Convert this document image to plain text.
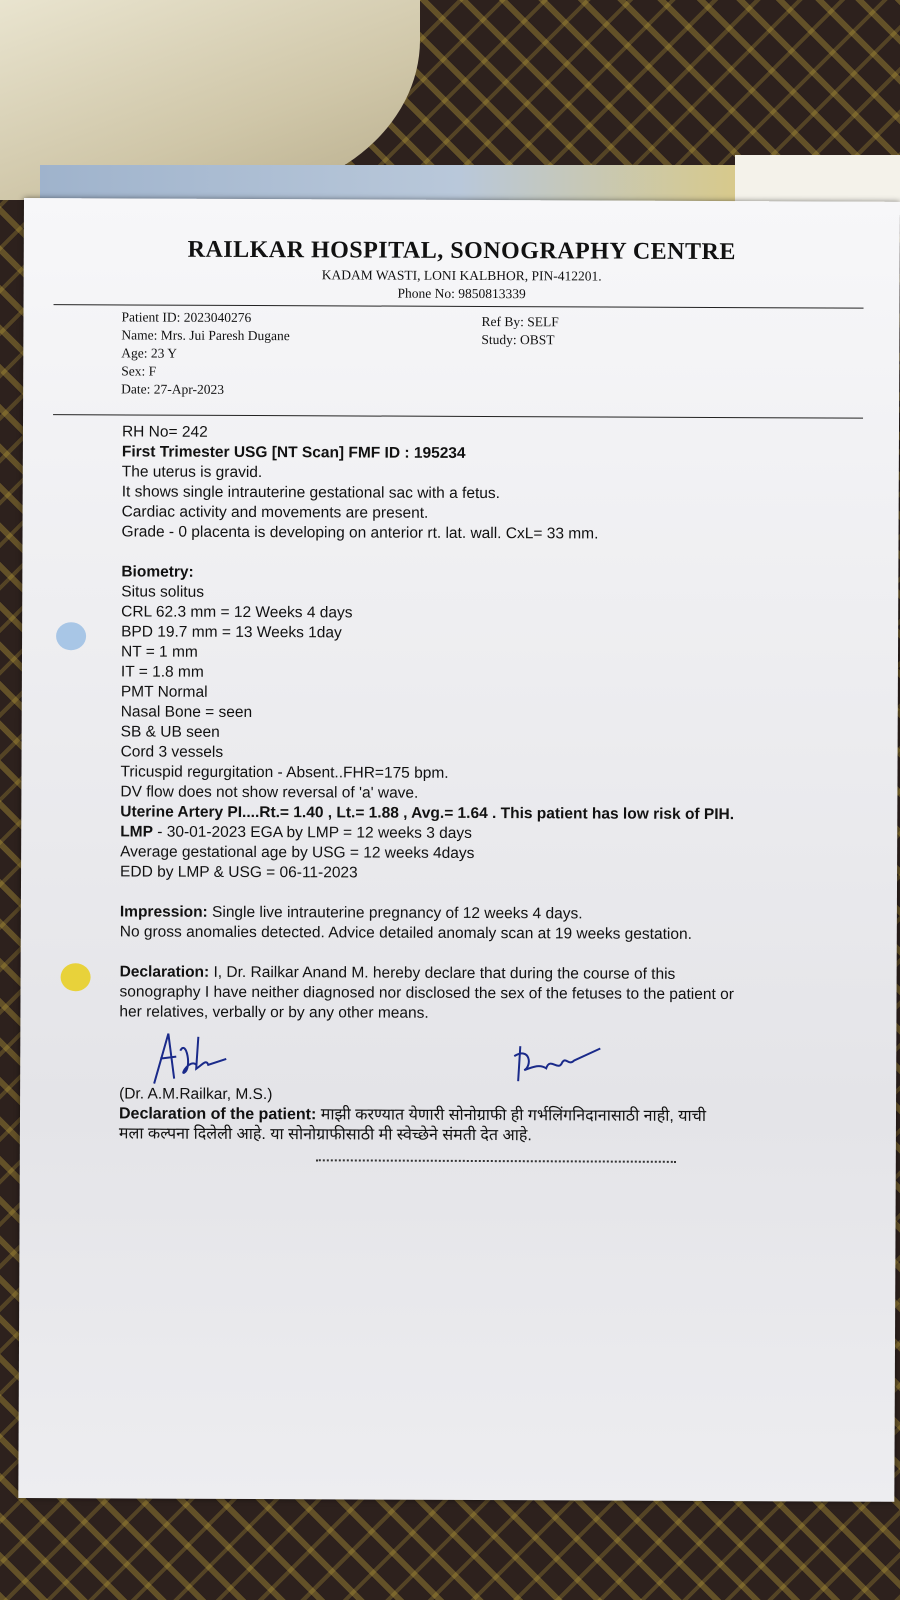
RAILKAR HOSPITAL, SONOGRAPHY CENTRE
KADAM WASTI, LONI KALBHOR, PIN-412201.
Phone No: 9850813339
Patient ID: 2023040276
Name: Mrs. Jui Paresh Dugane
Age: 23 Y
Sex: F
Date: 27-Apr-2023
Ref By: SELF
Study: OBST
RH No= 242
First Trimester USG [NT Scan] FMF ID : 195234
The uterus is gravid.
It shows single intrauterine gestational sac with a fetus.
Cardiac activity and movements are present.
Grade - 0 placenta is developing on anterior rt. lat. wall. CxL= 33 mm.
Biometry:
Situs solitus
CRL 62.3 mm = 12 Weeks 4 days
BPD 19.7 mm = 13 Weeks 1day
NT = 1 mm
IT = 1.8 mm
PMT Normal
Nasal Bone = seen
SB & UB seen
Cord 3 vessels
Tricuspid regurgitation - Absent..FHR=175 bpm.
DV flow does not show reversal of 'a' wave.
Uterine Artery PI....Rt.= 1.40 , Lt.= 1.88 , Avg.= 1.64 . This patient has low risk of PIH.
LMP - 30-01-2023 EGA by LMP = 12 weeks 3 days
Average gestational age by USG = 12 weeks 4days
EDD by LMP & USG = 06-11-2023
Impression: Single live intrauterine pregnancy of 12 weeks 4 days.
No gross anomalies detected. Advice detailed anomaly scan at 19 weeks gestation.
Declaration: I, Dr. Railkar Anand M. hereby declare that during the course of this
sonography I have neither diagnosed nor disclosed the sex of the fetuses to the patient or
her relatives, verbally or by any other means.
(Dr. A.M.Railkar, M.S.)
Declaration of the patient: माझी करण्यात येणारी सोनोग्राफी ही गर्भलिंगनिदानासाठी नाही, याची
मला कल्पना दिलेली आहे. या सोनोग्राफीसाठी मी स्वेच्छेने संमती देत आहे.
